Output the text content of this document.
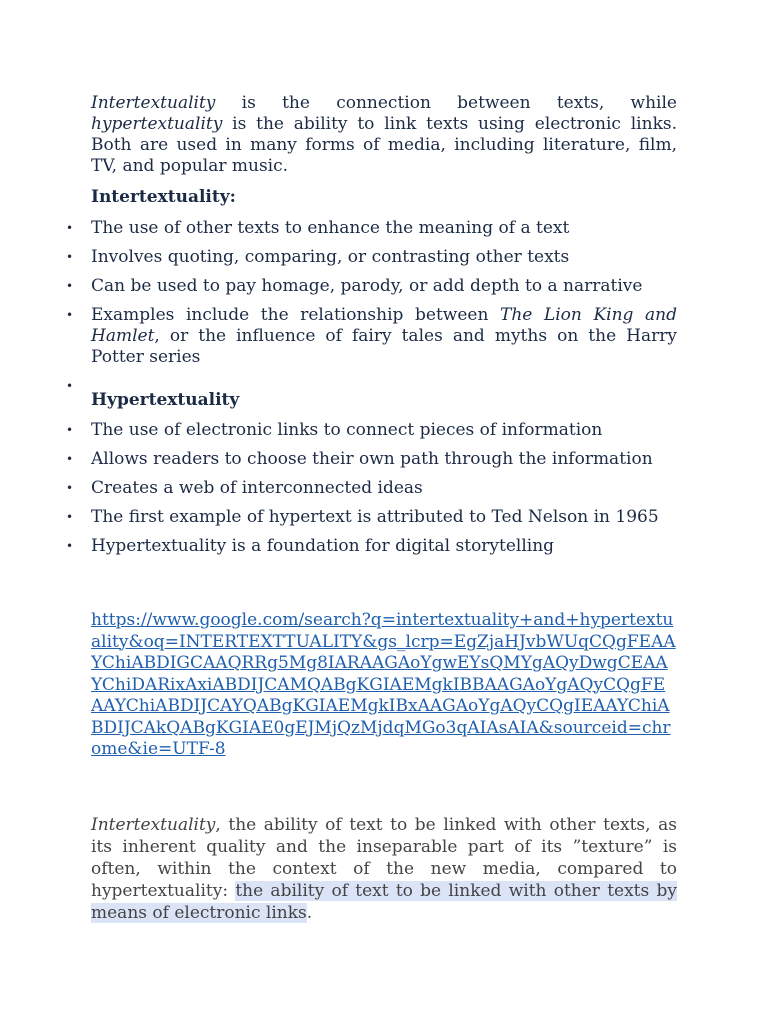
Intertextuality is the connection between texts, while hypertextuality is the ability to link texts using electronic links. Both are used in many forms of media, including literature, film, TV, and popular music.

Intertextuality:
• The use of other texts to enhance the meaning of a text
• Involves quoting, comparing, or contrasting other texts
• Can be used to pay homage, parody, or add depth to a narrative
• Examples include the relationship between The Lion King and Hamlet, or the influence of fairy tales and myths on the Harry Potter series
•
Hypertextuality
• The use of electronic links to connect pieces of information
• Allows readers to choose their own path through the information
• Creates a web of interconnected ideas
• The first example of hypertext is attributed to Ted Nelson in 1965
• Hypertextuality is a foundation for digital storytelling
https://www.google.com/search?q=intertextuality+and+hypertextuality&oq=INTERTEXTTUALITY&gs_lcrp=EgZjaHJvbWUqCQgFEAAYChiABDIGCAAQRRg5Mg8IARAAGAoYgwEYsQMYgAQyDwgCEAAYChiDARixAxiABDIJCAMQABgKGIAEMgkIBBAAGAoYgAQyCQgFEAAYChiABDIJCAYQABgKGIAEMgkIBxAAGAoYgAQyCQgIEAAYChiABDIJCAkQABgKGIAE0gEJMjQzMjdqMGo3qAIAsAIA&sourceid=chrome&ie=UTF-8

Intertextuality, the ability of text to be linked with other texts, as its inherent quality and the inseparable part of its ”texture” is often, within the context of the new media, compared to hypertextuality: the ability of text to be linked with other texts by means of electronic links.
